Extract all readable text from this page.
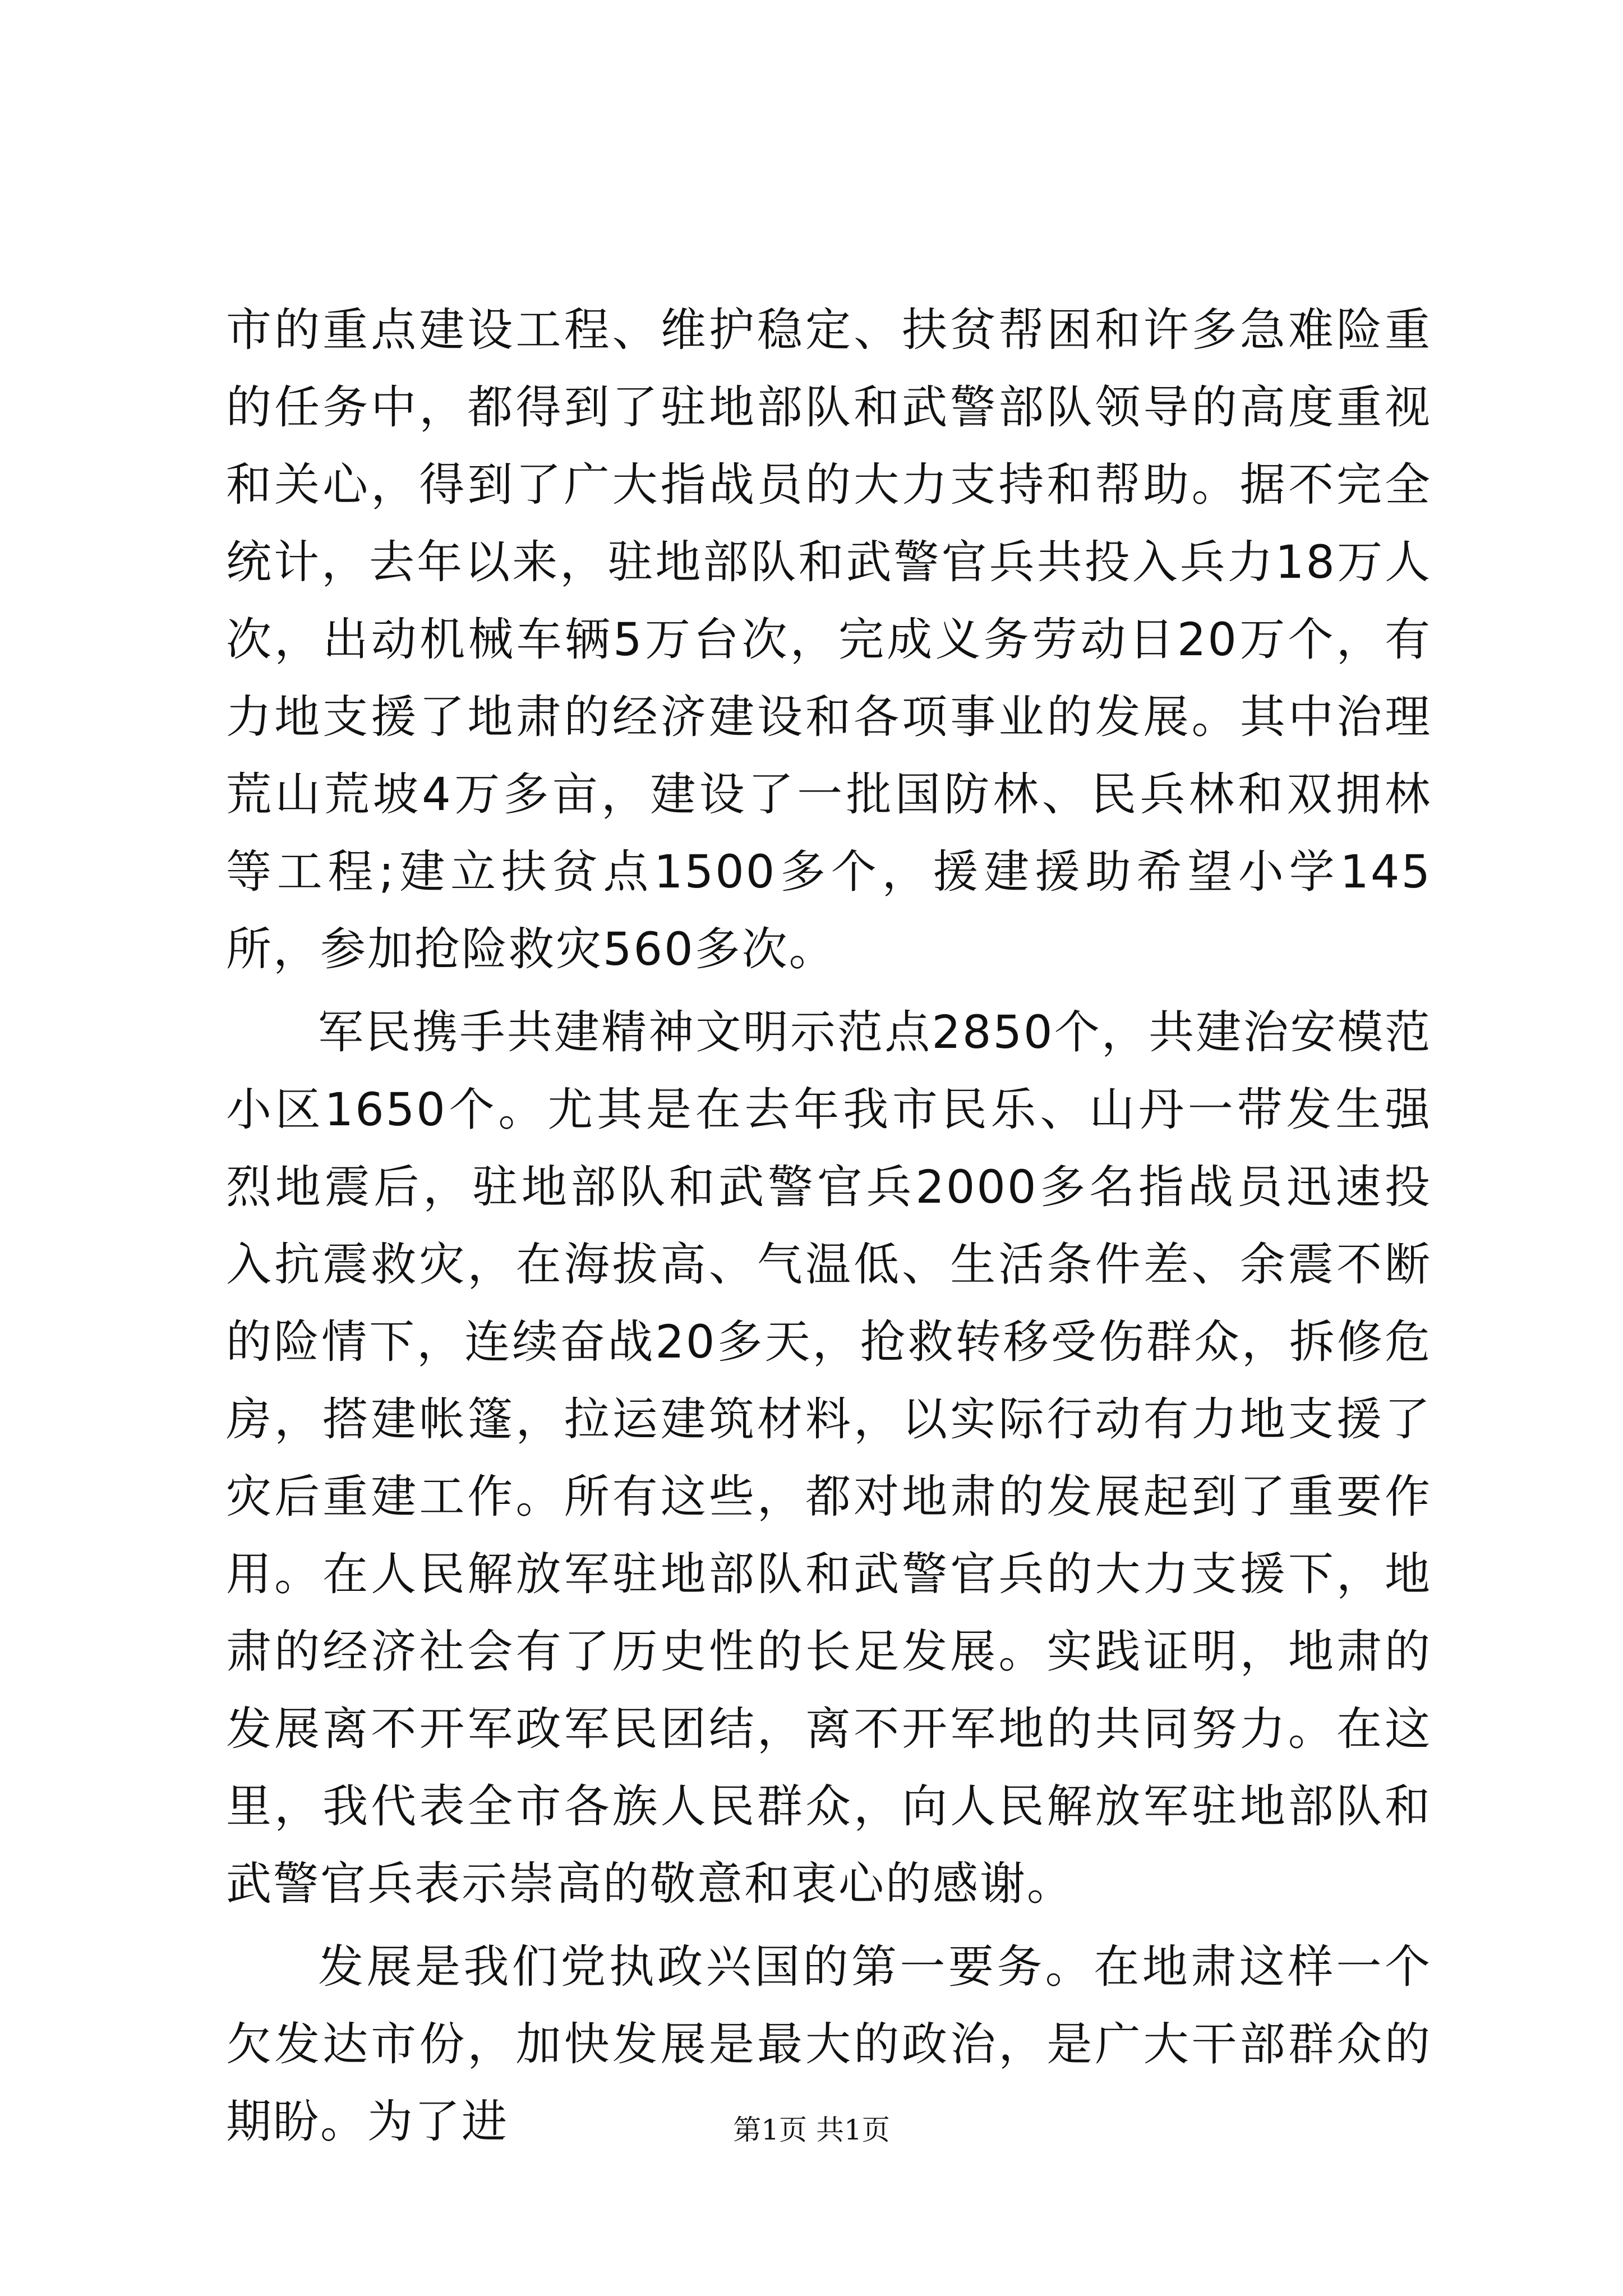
市的重点建设工程、维护稳定、扶贫帮困和许多急难险重的任务中，都得到了驻地部队和武警部队领导的高度重视和关心，得到了广大指战员的大力支持和帮助。据不完全统计，去年以来，驻地部队和武警官兵共投入兵力18万人次，出动机械车辆5万台次，完成义务劳动日20万个，有力地支援了地肃的经济建设和各项事业的发展。其中治理荒山荒坡4万多亩，建设了一批国防林、民兵林和双拥林等工程;建立扶贫点1500多个，援建援助希望小学145所，参加抢险救灾560多次。

军民携手共建精神文明示范点2850个，共建治安模范小区1650个。尤其是在去年我市民乐、山丹一带发生强烈地震后，驻地部队和武警官兵2000多名指战员迅速投入抗震救灾，在海拔高、气温低、生活条件差、余震不断的险情下，连续奋战20多天，抢救转移受伤群众，拆修危房，搭建帐篷，拉运建筑材料，以实际行动有力地支援了灾后重建工作。所有这些，都对地肃的发展起到了重要作用。在人民解放军驻地部队和武警官兵的大力支援下，地肃的经济社会有了历史性的长足发展。实践证明，地肃的发展离不开军政军民团结，离不开军地的共同努力。在这里，我代表全市各族人民群众，向人民解放军驻地部队和武警官兵表示崇高的敬意和衷心的感谢。

发展是我们党执政兴国的第一要务。在地肃这样一个欠发达市份，加快发展是最大的政治，是广大干部群众的期盼。为了进	第1页 共1页
